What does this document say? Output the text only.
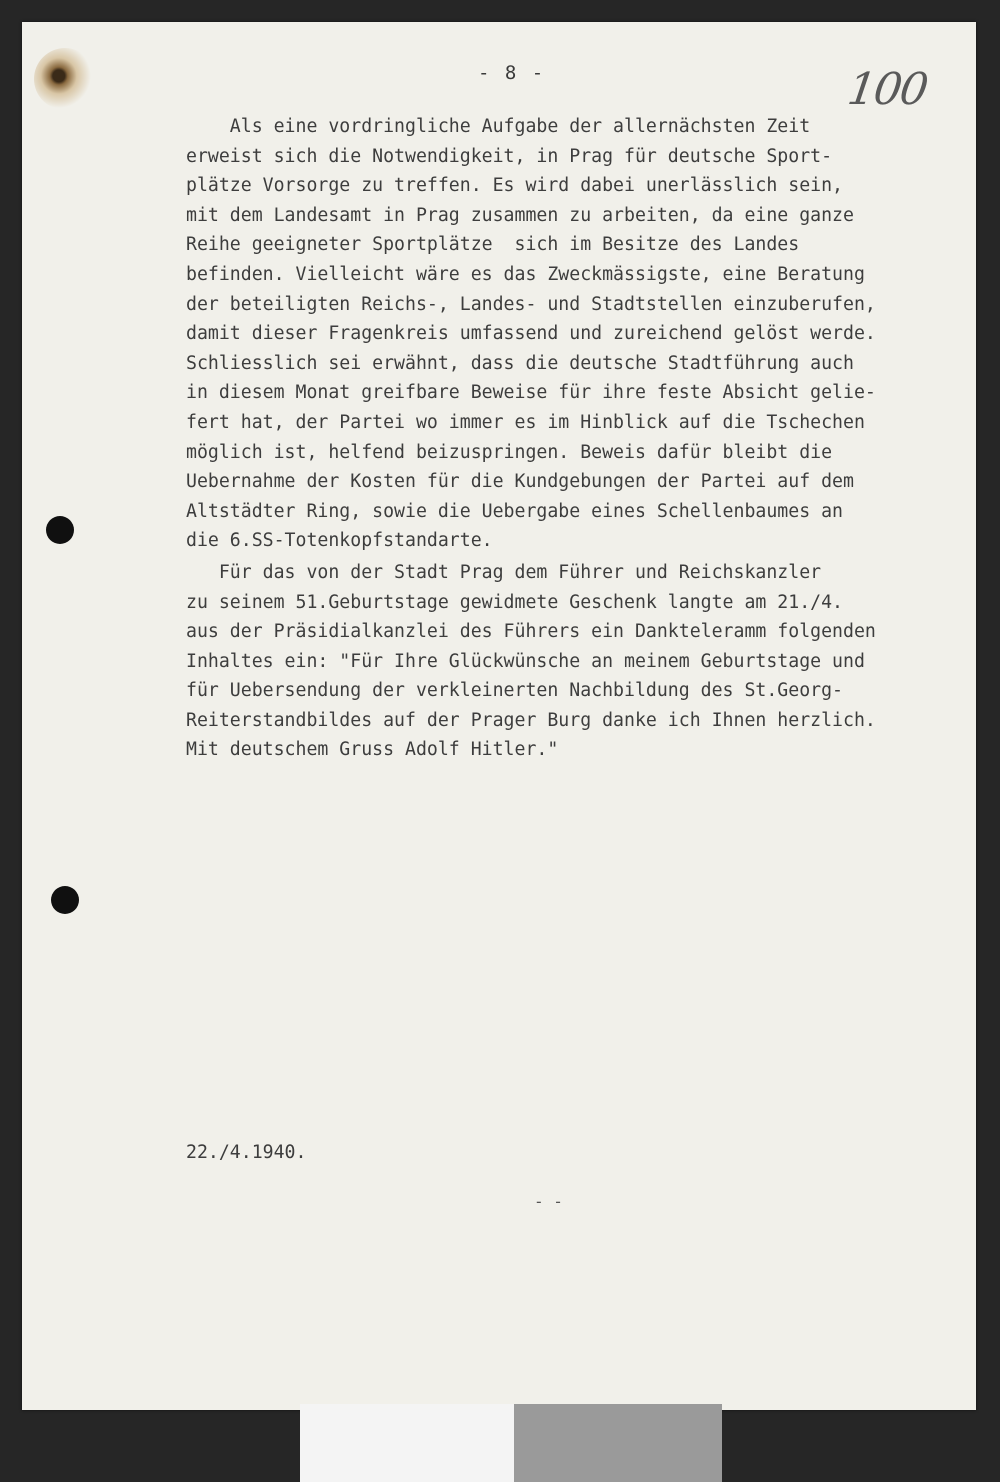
- 8 -	100
Als eine vordringliche Aufgabe der allernächsten Zeit
erweist sich die Notwendigkeit, in Prag für deutsche Sport-
plätze Vorsorge zu treffen. Es wird dabei unerlässlich sein,
mit dem Landesamt in Prag zusammen zu arbeiten, da eine ganze
Reihe geeigneter Sportplätze  sich im Besitze des Landes
befinden. Vielleicht wäre es das Zweckmässigste, eine Beratung
der beteiligten Reichs-, Landes- und Stadtstellen einzuberufen,
damit dieser Fragenkreis umfassend und zureichend gelöst werde.
Schliesslich sei erwähnt, dass die deutsche Stadtführung auch
in diesem Monat greifbare Beweise für ihre feste Absicht gelie-
fert hat, der Partei wo immer es im Hinblick auf die Tschechen
möglich ist, helfend beizuspringen. Beweis dafür bleibt die
Uebernahme der Kosten für die Kundgebungen der Partei auf dem
Altstädter Ring, sowie die Uebergabe eines Schellenbaumes an
die 6.SS-Totenkopfstandarte.
Für das von der Stadt Prag dem Führer und Reichskanzler
zu seinem 51.Geburtstage gewidmete Geschenk langte am 21./4.
aus der Präsidialkanzlei des Führers ein Dankteleramm folgenden
Inhaltes ein: "Für Ihre Glückwünsche an meinem Geburtstage und
für Uebersendung der verkleinerten Nachbildung des St.Georg-
Reiterstandbildes auf der Prager Burg danke ich Ihnen herzlich.
Mit deutschem Gruss Adolf Hitler."
22./4.1940.
- -
